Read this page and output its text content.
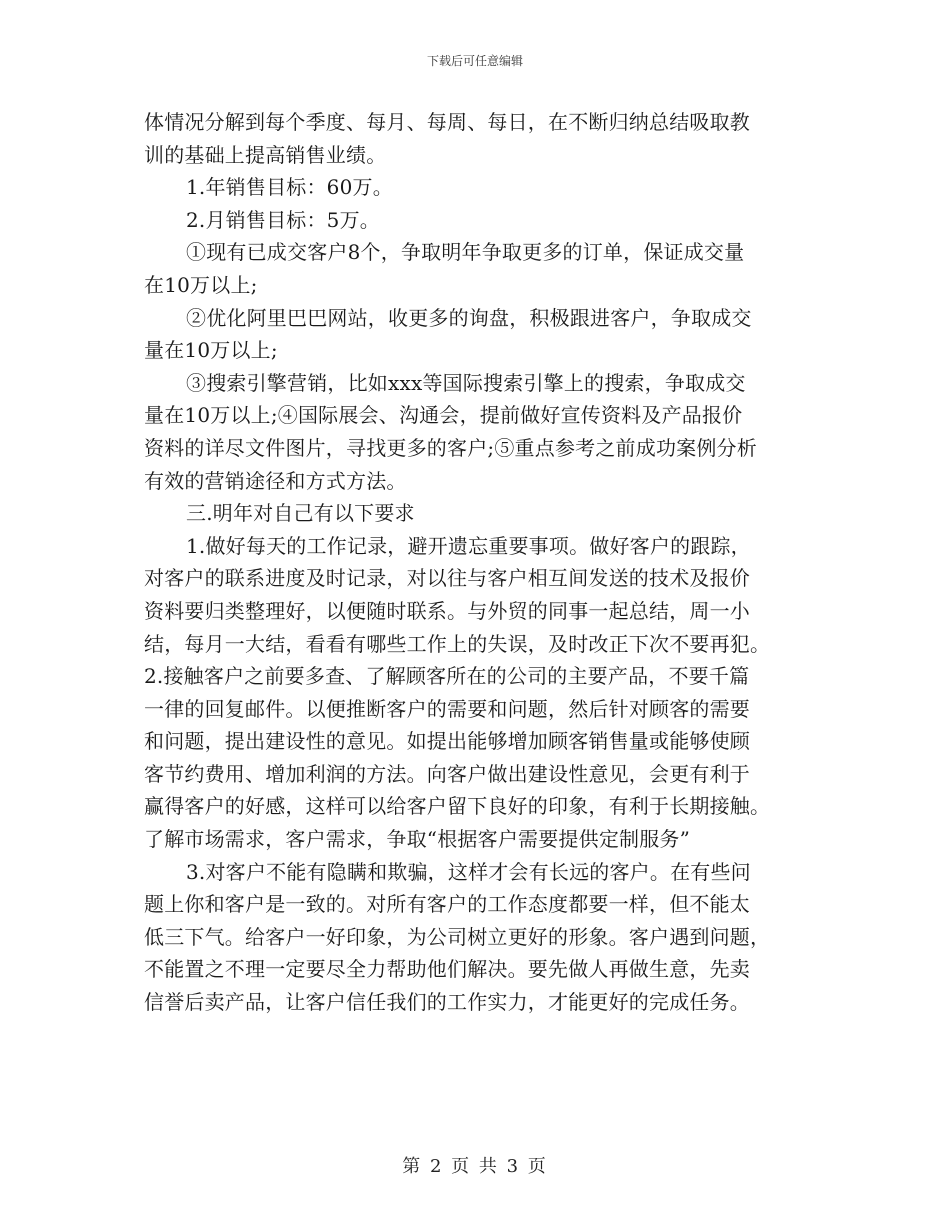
下载后可任意编辑
体情况分解到每个季度、每月、每周、每日，在不断归纳总结吸取教
训的基础上提高销售业绩。
1.年销售目标：60万。
2.月销售目标：5万。
①现有已成交客户8个，争取明年争取更多的订单，保证成交量
在10万以上;
②优化阿里巴巴网站，收更多的询盘，积极跟进客户，争取成交
量在10万以上;
③搜索引擎营销，比如xxx等国际搜索引擎上的搜索，争取成交
量在10万以上;④国际展会、沟通会，提前做好宣传资料及产品报价
资料的详尽文件图片，寻找更多的客户;⑤重点参考之前成功案例分析
有效的营销途径和方式方法。
三.明年对自己有以下要求
1.做好每天的工作记录，避开遗忘重要事项。做好客户的跟踪，
对客户的联系进度及时记录，对以往与客户相互间发送的技术及报价
资料要归类整理好，以便随时联系。与外贸的同事一起总结，周一小
结，每月一大结，看看有哪些工作上的失误，及时改正下次不要再犯。
2.接触客户之前要多查、了解顾客所在的公司的主要产品，不要千篇
一律的回复邮件。以便推断客户的需要和问题，然后针对顾客的需要
和问题，提出建设性的意见。如提出能够增加顾客销售量或能够使顾
客节约费用、增加利润的方法。向客户做出建设性意见，会更有利于
赢得客户的好感，这样可以给客户留下良好的印象，有利于长期接触。
了解市场需求，客户需求，争取“根据客户需要提供定制服务”
3.对客户不能有隐瞒和欺骗，这样才会有长远的客户。在有些问
题上你和客户是一致的。对所有客户的工作态度都要一样，但不能太
低三下气。给客户一好印象，为公司树立更好的形象。客户遇到问题，
不能置之不理一定要尽全力帮助他们解决。要先做人再做生意，先卖
信誉后卖产品，让客户信任我们的工作实力，才能更好的完成任务。
第 2 页 共 3 页
